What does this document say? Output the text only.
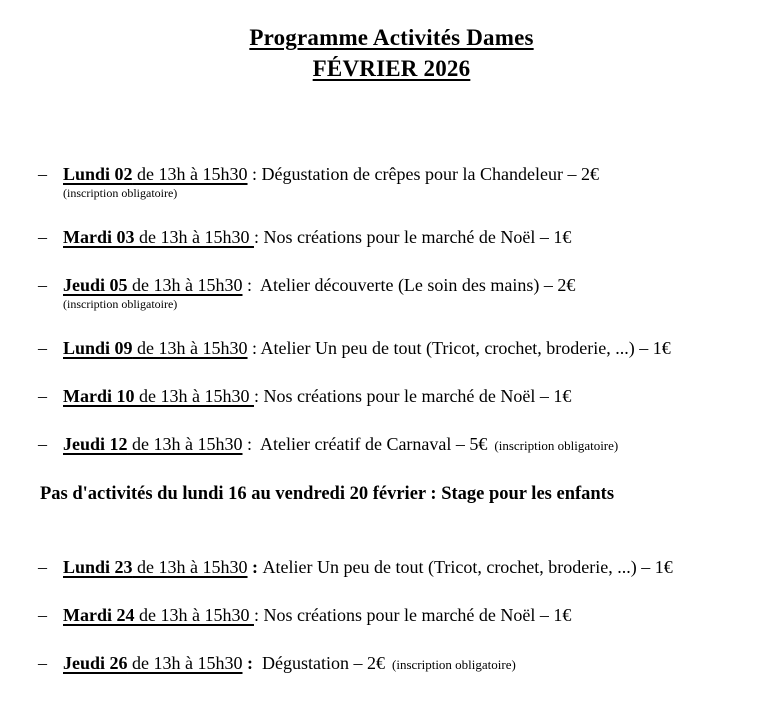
Programme Activités Dames
FÉVRIER 2026
– Lundi 02 de 13h à 15h30 : Dégustation de crêpes pour la Chandeleur – 2€
(inscription obligatoire)
– Mardi 03 de 13h à 15h30 : Nos créations pour le marché de Noël – 1€
– Jeudi 05 de 13h à 15h30 :  Atelier découverte (Le soin des mains) – 2€
(inscription obligatoire)
– Lundi 09 de 13h à 15h30 : Atelier Un peu de tout (Tricot, crochet, broderie, ...) – 1€
– Mardi 10 de 13h à 15h30 : Nos créations pour le marché de Noël – 1€
– Jeudi 12 de 13h à 15h30 :  Atelier créatif de Carnaval – 5€ (inscription obligatoire)
Pas d'activités du lundi 16 au vendredi 20 février : Stage pour les enfants
– Lundi 23 de 13h à 15h30 : Atelier Un peu de tout (Tricot, crochet, broderie, ...) – 1€
– Mardi 24 de 13h à 15h30 : Nos créations pour le marché de Noël – 1€
– Jeudi 26 de 13h à 15h30 :  Dégustation – 2€ (inscription obligatoire)
